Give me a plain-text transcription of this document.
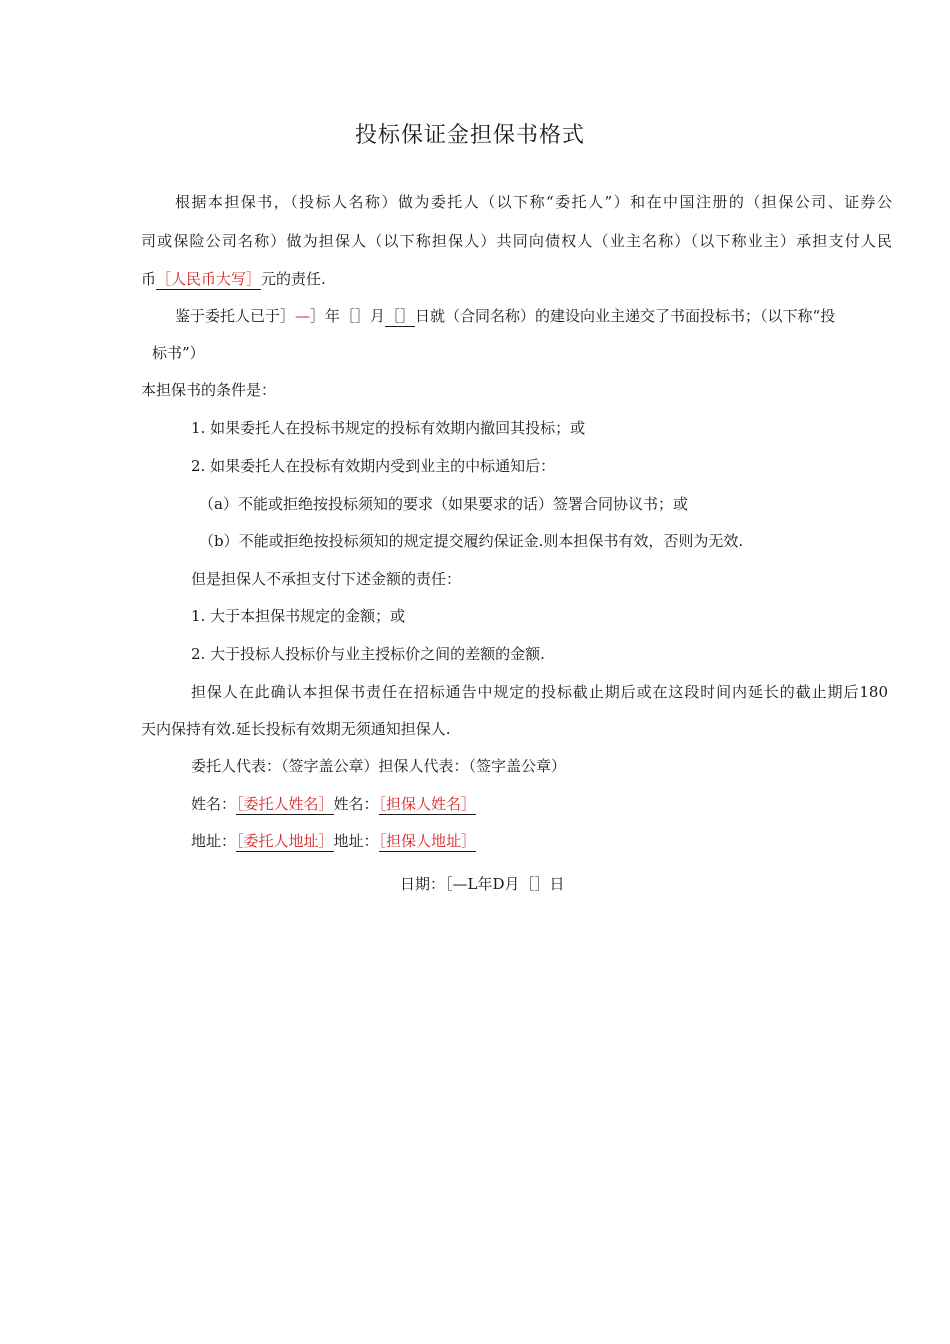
投标保证金担保书格式
根据本担保书，（投标人名称）做为委托人（以下称“委托人”）和在中国注册的（担保公司、证券公
司或保险公司名称）做为担保人（以下称担保人）共同向债权人（业主名称）（以下称业主）承担支付人民
币［人民币大写］元的责任.
鉴于委托人已于］—］年［］月［］日就（合同名称）的建设向业主递交了书面投标书；（以下称“投
标书”）
本担保书的条件是：
1. 如果委托人在投标书规定的投标有效期内撤回其投标；或
2. 如果委托人在投标有效期内受到业主的中标通知后：
（a）不能或拒绝按投标须知的要求（如果要求的话）签署合同协议书；或
（b）不能或拒绝按投标须知的规定提交履约保证金.则本担保书有效，否则为无效.
但是担保人不承担支付下述金额的责任：
1. 大于本担保书规定的金额；或
2. 大于投标人投标价与业主授标价之间的差额的金额.
担保人在此确认本担保书责任在招标通告中规定的投标截止期后或在这段时间内延长的截止期后180
天内保持有效.延长投标有效期无须通知担保人.
委托人代表：（签字盖公章）担保人代表：（签字盖公章）
姓名：［委托人姓名］姓名：［担保人姓名］
地址：［委托人地址］地址：［担保人地址］
日期：［—L年D月［］日
